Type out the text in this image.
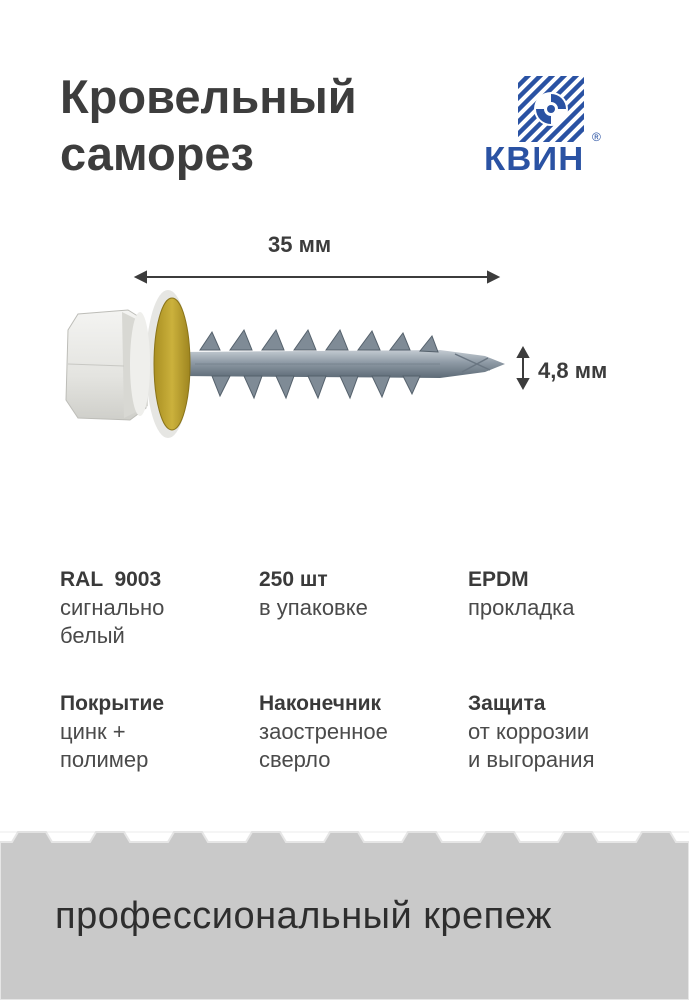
Кровельный
саморез	®
КВИН
35 мм
4,8 мм
RAL  9003
сигнально
белый
250 шт
в упаковке
EPDM
прокладка
Покрытие
цинк +
полимер
Наконечник
заостренное
сверло
Защита
от коррозии
и выгорания
профессиональный крепеж
